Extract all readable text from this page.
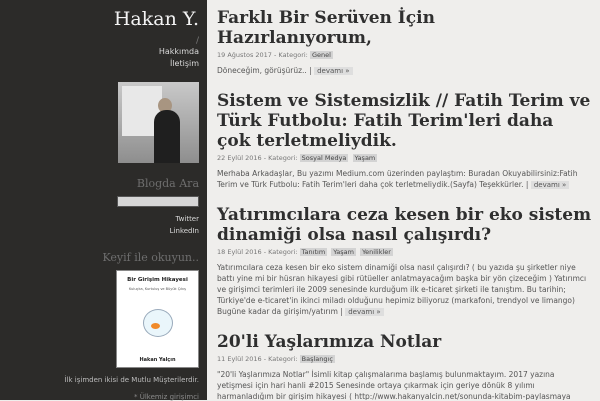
Hakan Y.
/
Hakkımda
İletişim
Blogda Ara
Twitter
LinkedIn
Keyif ile okuyun..
Bir Girişim Hikayesi
Kuluçka, Kurtuluş ve Büyük Çıkış
Hakan Yalçın
İlk işimden ikisi de Mutlu Müşterilerdir.
* Ülkemiz girişimci
Farklı Bir Serüven İçin Hazırlanıyorum,
19 Ağustos 2017 - Kategori: Genel
Döneceğim, görüşürüz.. | devamı »
Sistem ve Sistemsizlik // Fatih Terim ve Türk Futbolu: Fatih Terim'leri daha çok terletmeliydik.
22 Eylül 2016 - Kategori: Sosyal Medya Yaşam
Merhaba Arkadaşlar, Bu yazımı Medium.com üzerinden paylaştım: Buradan Okuyabilirsiniz:Fatih Terim ve Türk Futbolu: Fatih Terim'leri daha çok terletmeliydik.(Sayfa) Teşekkürler. | devamı »
Yatırımcılara ceza kesen bir eko sistem dinamiği olsa nasıl çalışırdı?
18 Eylül 2016 - Kategori: Tanıtım Yaşam Yenilikler
Yatırımcılara ceza kesen bir eko sistem dinamiği olsa nasıl çalışırdı? ( bu yazıda şu şirketler niye battı yine mi bir hüsran hikayesi gibi rütüeller anlatmayacağım başka bir yön çizeceğim ) Yatırımcı ve girişimci terimleri ile 2009 senesinde kurduğum ilk e-ticaret şirketi ile tanıştım. Bu tarihin; Türkiye'de e-ticaret'in ikinci miladı olduğunu hepimiz biliyoruz (markafoni, trendyol ve limango) Bugüne kadar da girişim/yatırım | devamı »
20'li Yaşlarımıza Notlar
11 Eylül 2016 - Kategori: Başlangıç
"20'li Yaşlarımıza Notlar" İsimli kitap çalışmalarıma başlamış bulunmaktayım. 2017 yazına yetişmesi için hari hanli #2015 Senesinde ortaya çıkarmak için geriye dönük 8 yılımı harmanladığım bir girişim hikayesi ( http://www.hakanyalcin.net/sonunda-kitabim-paylasmaya
